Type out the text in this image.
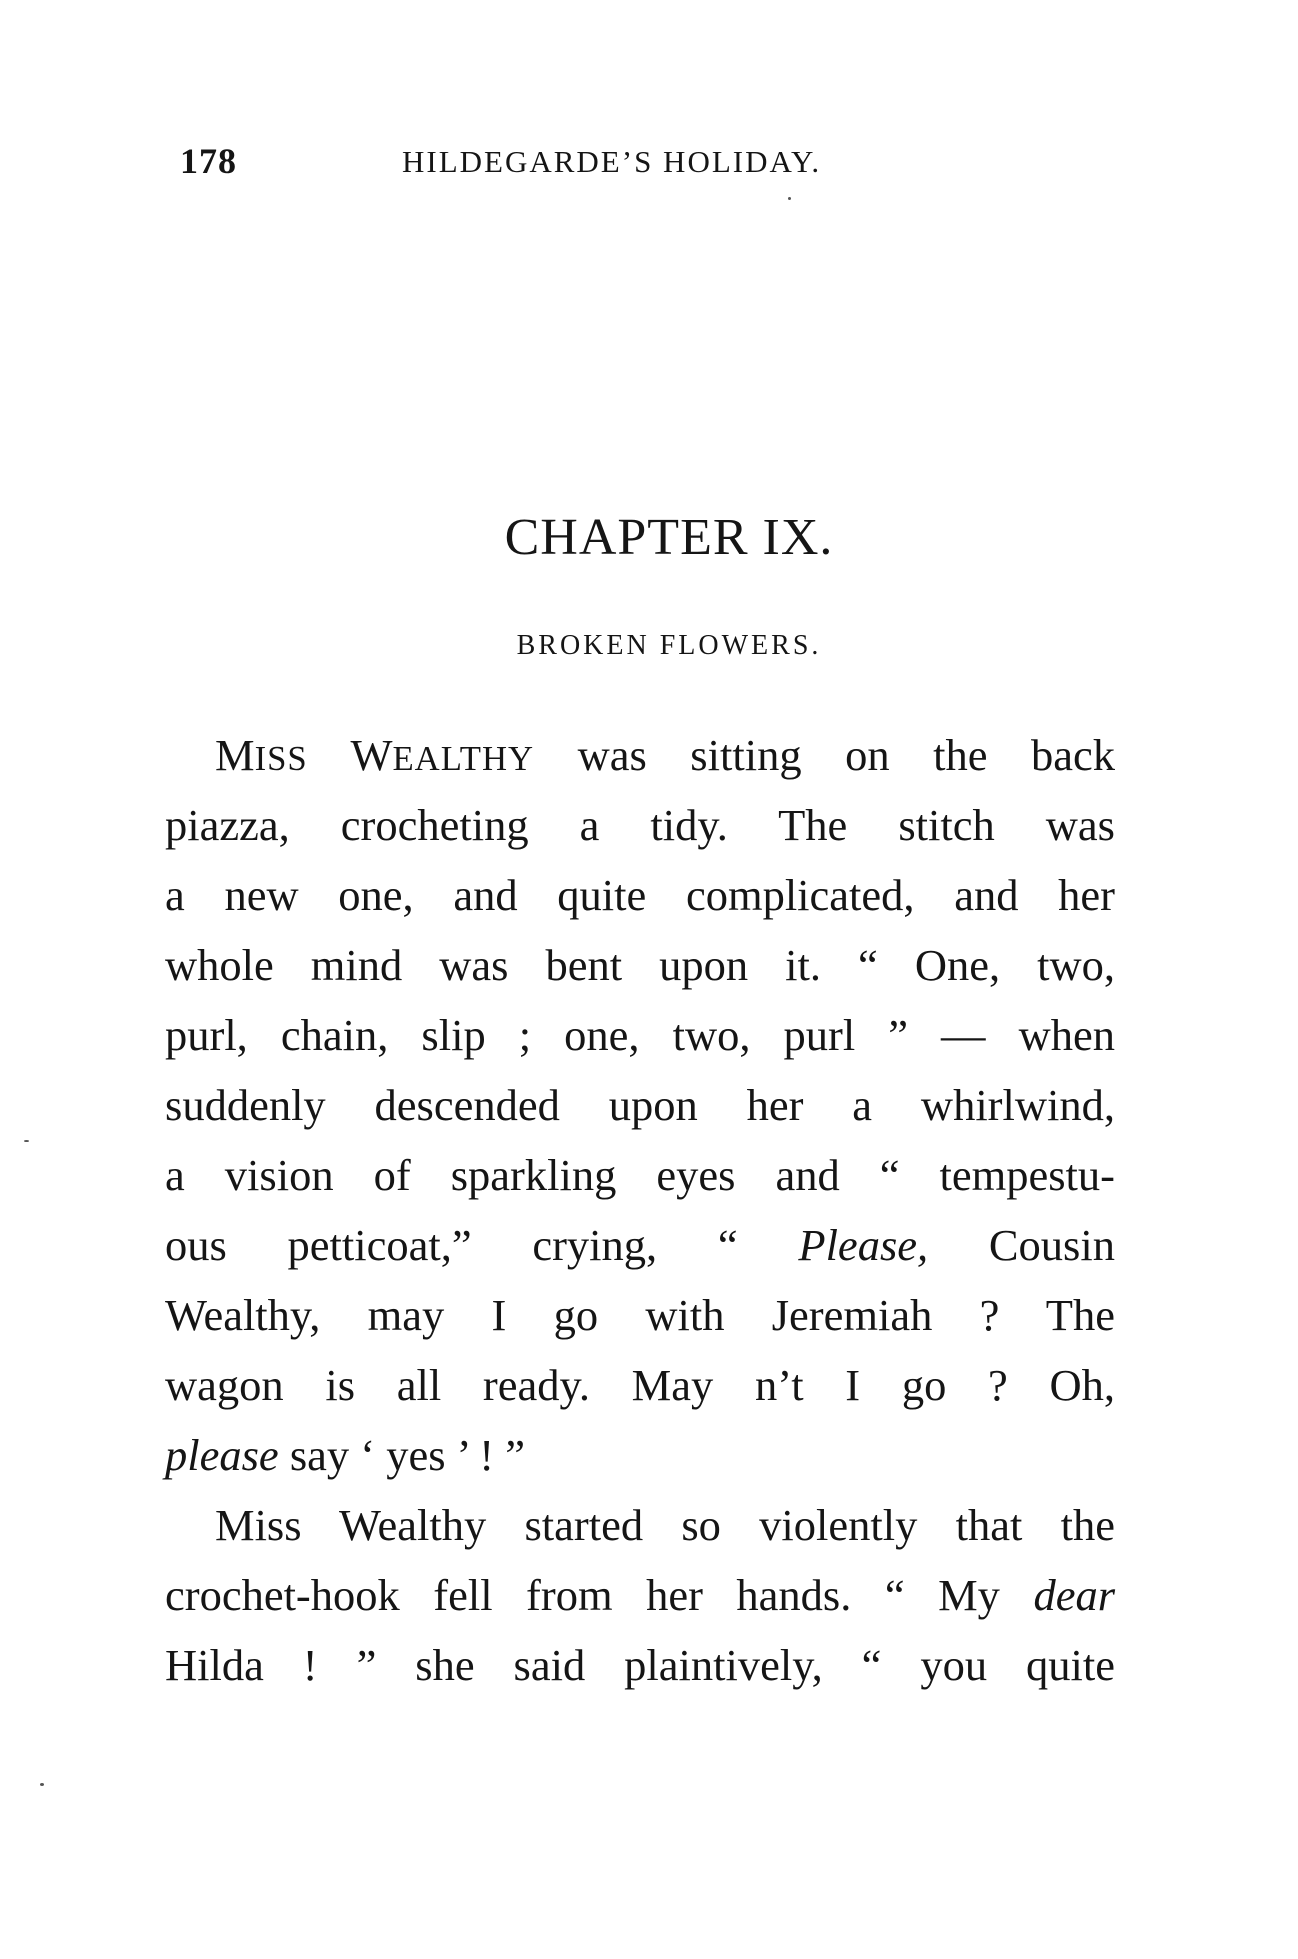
178	HILDEGARDE’S HOLIDAY.
CHAPTER IX.
BROKEN FLOWERS.
MISS WEALTHY was sitting on the back
piazza, crocheting a tidy. The stitch was
a new one, and quite complicated, and her
whole mind was bent upon it. “ One, two,
purl, chain, slip ; one, two, purl ” — when
suddenly descended upon her a whirlwind,
a vision of sparkling eyes and “ tempestu-
ous petticoat,” crying, “ Please, Cousin
Wealthy, may I go with Jeremiah ? The
wagon is all ready. May n’t I go ? Oh,
please say ‘ yes ’ ! ”
Miss Wealthy started so violently that the
crochet-hook fell from her hands. “ My dear
Hilda ! ” she said plaintively, “ you quite
